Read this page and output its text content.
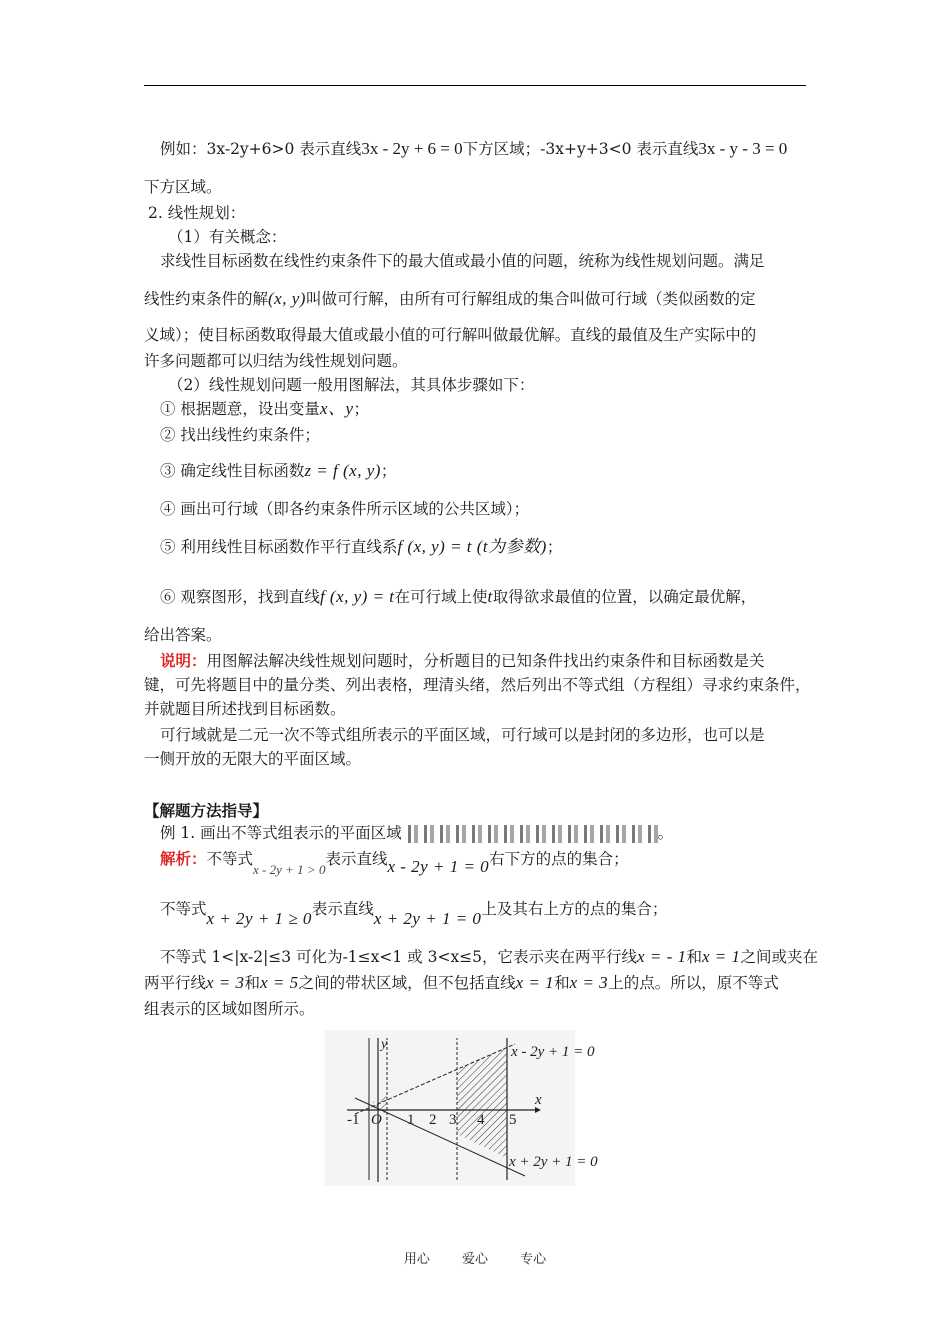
例如：3x-2y+6>0 表示直线3x - 2y + 6 = 0下方区域；-3x+y+3<0 表示直线3x - y - 3 = 0
下方区域。
2. 线性规划：
（1）有关概念：
求线性目标函数在线性约束条件下的最大值或最小值的问题，统称为线性规划问题。满足
线性约束条件的解(x, y)叫做可行解，由所有可行解组成的集合叫做可行域（类似函数的定
义域）；使目标函数取得最大值或最小值的可行解叫做最优解。直线的最值及生产实际中的
许多问题都可以归结为线性规划问题。
（2）线性规划问题一般用图解法，其具体步骤如下：
① 根据题意，设出变量x、y；
② 找出线性约束条件；
③ 确定线性目标函数z = f (x, y)；
④ 画出可行域（即各约束条件所示区域的公共区域）；
⑤ 利用线性目标函数作平行直线系f (x, y) = t (t为参数)；
⑥ 观察图形，找到直线f (x, y) = t在可行域上使t取得欲求最值的位置，以确定最优解，
给出答案。
说明：用图解法解决线性规划问题时，分析题目的已知条件找出约束条件和目标函数是关
键，可先将题目中的量分类、列出表格，理清头绪，然后列出不等式组（方程组）寻求约束条件，
并就题目所述找到目标函数。
可行域就是二元一次不等式组所表示的平面区域，可行域可以是封闭的多边形，也可以是
一侧开放的无限大的平面区域。
【解题方法指导】
例 1. 画出不等式组表示的平面区域	。
解析：不等式$_{x - 2y + 1 > 0}$表示直线x - 2y + 1 = 0右下方的点的集合；
不等式x + 2y + 1 ≥ 0表示直线x + 2y + 1 = 0上及其右上方的点的集合；
不等式 1<|x-2|≤3 可化为-1≤x<1 或 3<x≤5，它表示夹在两平行线x = - 1和x = 1之间或夹在
两平行线x = 3和x = 5之间的带状区域，但不包括直线x = 1和x = 3上的点。所以，原不等式
组表示的区域如图所示。
y
x
O
-1	1 2 3 4 5
x - 2y + 1 = 0
x + 2y + 1 = 0
用心 爱心 专心
